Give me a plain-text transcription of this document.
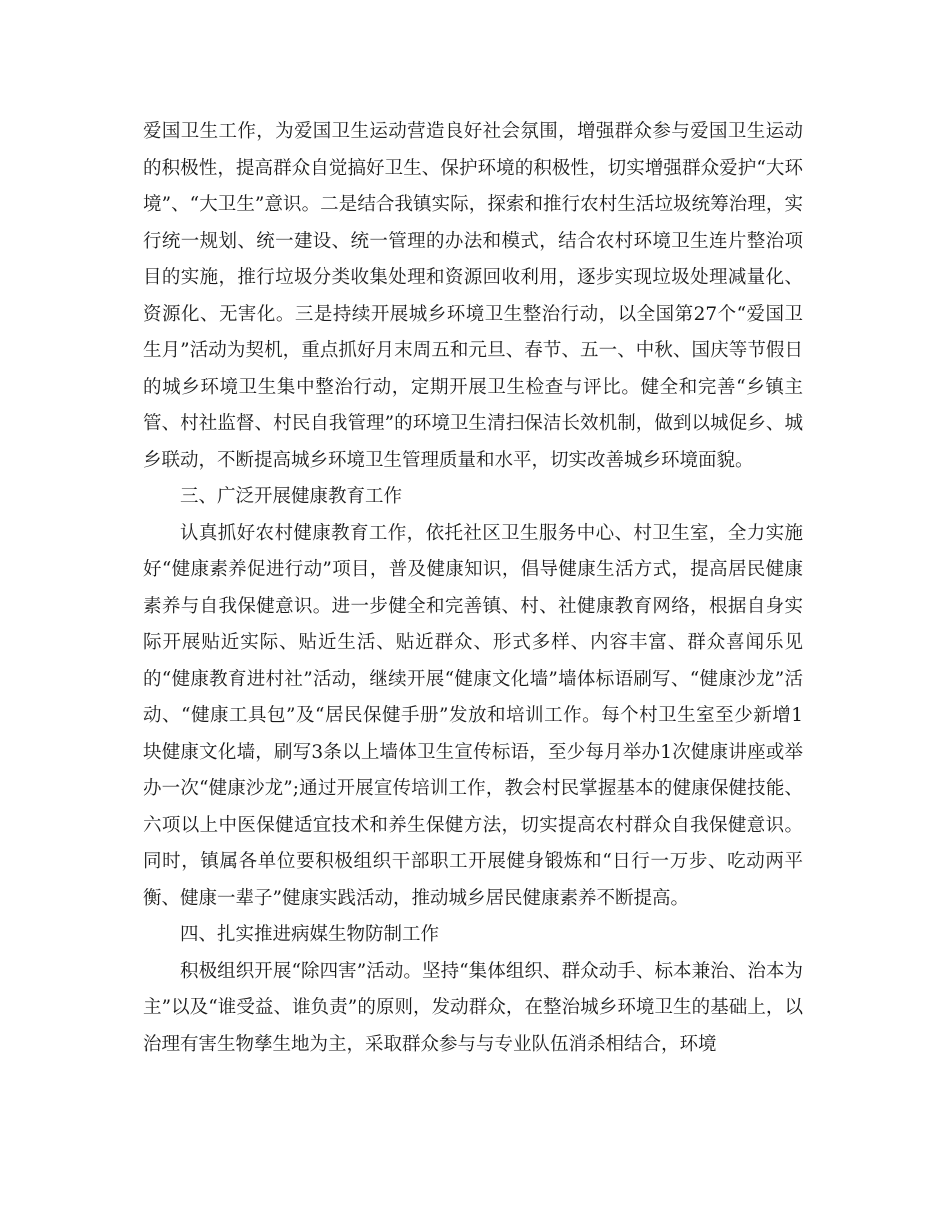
爱国卫生工作，为爱国卫生运动营造良好社会氛围，增强群众参与爱国卫生运动的积极性，提高群众自觉搞好卫生、保护环境的积极性，切实增强群众爱护“大环境”、“大卫生”意识。二是结合我镇实际，探索和推行农村生活垃圾统筹治理，实行统一规划、统一建设、统一管理的办法和模式，结合农村环境卫生连片整治项目的实施，推行垃圾分类收集处理和资源回收利用，逐步实现垃圾处理减量化、资源化、无害化。三是持续开展城乡环境卫生整治行动，以全国第27个“爱国卫生月”活动为契机，重点抓好月末周五和元旦、春节、五一、中秋、国庆等节假日的城乡环境卫生集中整治行动，定期开展卫生检查与评比。健全和完善“乡镇主管、村社监督、村民自我管理”的环境卫生清扫保洁长效机制，做到以城促乡、城乡联动，不断提高城乡环境卫生管理质量和水平，切实改善城乡环境面貌。

三、广泛开展健康教育工作

认真抓好农村健康教育工作，依托社区卫生服务中心、村卫生室，全力实施好“健康素养促进行动”项目，普及健康知识，倡导健康生活方式，提高居民健康素养与自我保健意识。进一步健全和完善镇、村、社健康教育网络，根据自身实际开展贴近实际、贴近生活、贴近群众、形式多样、内容丰富、群众喜闻乐见的“健康教育进村社”活动，继续开展“健康文化墙”墙体标语刷写、“健康沙龙”活动、“健康工具包”及“居民保健手册”发放和培训工作。每个村卫生室至少新增1块健康文化墙，刷写3条以上墙体卫生宣传标语，至少每月举办1次健康讲座或举办一次“健康沙龙”;通过开展宣传培训工作，教会村民掌握基本的健康保健技能、六项以上中医保健适宜技术和养生保健方法，切实提高农村群众自我保健意识。同时，镇属各单位要积极组织干部职工开展健身锻炼和“日行一万步、吃动两平衡、健康一辈子”健康实践活动，推动城乡居民健康素养不断提高。

四、扎实推进病媒生物防制工作

积极组织开展“除四害”活动。坚持“集体组织、群众动手、标本兼治、治本为主”以及“谁受益、谁负责”的原则，发动群众，在整治城乡环境卫生的基础上，以治理有害生物孳生地为主，采取群众参与与专业队伍消杀相结合，环境
